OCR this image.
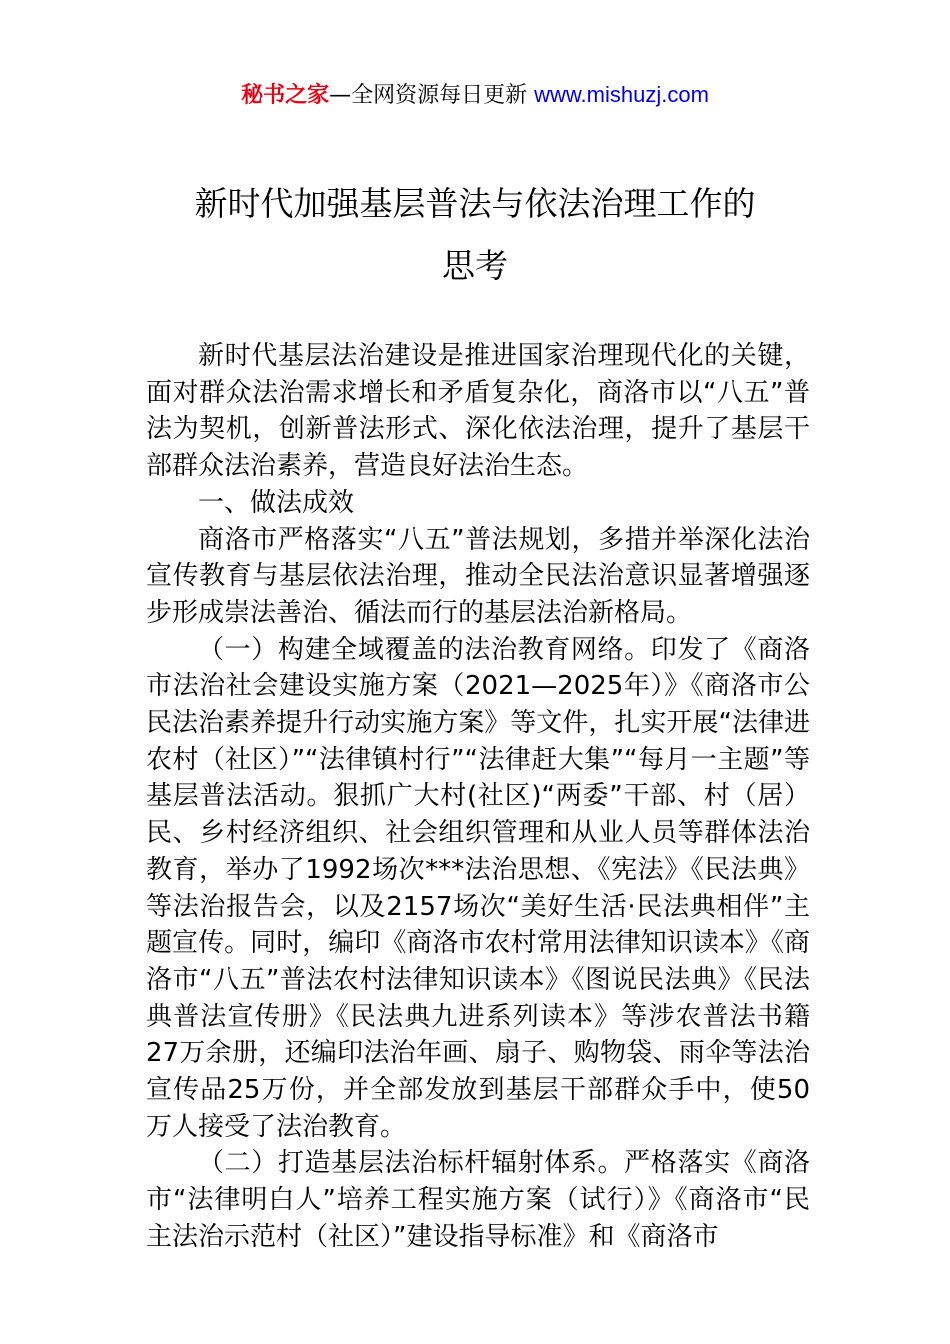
秘书之家—全网资源每日更新 www.mishuzj.com
新时代加强基层普法与依法治理工作的
思考

新时代基层法治建设是推进国家治理现代化的关键，面对群众法治需求增长和矛盾复杂化，商洛市以“八五”普法为契机，创新普法形式、深化依法治理，提升了基层干部群众法治素养，营造良好法治生态。

一、做法成效

商洛市严格落实“八五”普法规划，多措并举深化法治宣传教育与基层依法治理，推动全民法治意识显著增强逐步形成崇法善治、循法而行的基层法治新格局。

（一）构建全域覆盖的法治教育网络。印发了《商洛市法治社会建设实施方案（2021—2025年）》《商洛市公民法治素养提升行动实施方案》等文件，扎实开展“法律进农村（社区）”“法律镇村行”“法律赶大集”“每月一主题”等基层普法活动。狠抓广大村(社区)“两委”干部、村（居）民、乡村经济组织、社会组织管理和从业人员等群体法治教育，举办了1992场次***法治思想、《宪法》《民法典》等法治报告会，以及2157场次“美好生活·民法典相伴”主题宣传。同时，编印《商洛市农村常用法律知识读本》《商洛市“八五”普法农村法律知识读本》《图说民法典》《民法典普法宣传册》《民法典九进系列读本》等涉农普法书籍27万余册，还编印法治年画、扇子、购物袋、雨伞等法治宣传品25万份，并全部发放到基层干部群众手中，使50万人接受了法治教育。

（二）打造基层法治标杆辐射体系。严格落实《商洛市“法律明白人”培养工程实施方案（试行）》《商洛市“民主法治示范村（社区）”建设指导标准》和《商洛市
